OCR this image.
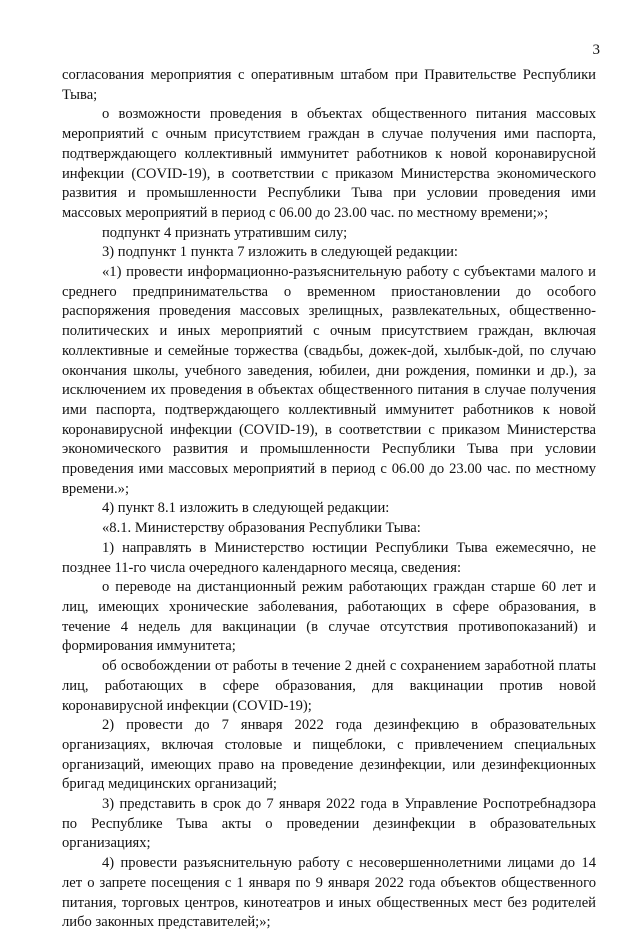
3

согласования мероприятия с оперативным штабом при Правительстве Республики Тыва;

о возможности проведения в объектах общественного питания массовых мероприятий с очным присутствием граждан в случае получения ими паспорта, подтверждающего коллективный иммунитет работников к новой коронавирусной инфекции (COVID-19), в соответствии с приказом Министерства экономического развития и промышленности Республики Тыва при условии проведения ими массовых мероприятий в период с 06.00 до 23.00 час. по местному времени;»;

подпункт 4 признать утратившим силу;

3) подпункт 1 пункта 7 изложить в следующей редакции:

«1) провести информационно-разъяснительную работу с субъектами малого и среднего предпринимательства о временном приостановлении до особого распоряжения проведения массовых зрелищных, развлекательных, общественно-политических и иных мероприятий с очным присутствием граждан, включая коллективные и семейные торжества (свадьбы, дожек-дой, хылбык-дой, по случаю окончания школы, учебного заведения, юбилеи, дни рождения, поминки и др.), за исключением их проведения в объектах общественного питания в случае получения ими паспорта, подтверждающего коллективный иммунитет работников к новой коронавирусной инфекции (COVID-19), в соответствии с приказом Министерства экономического развития и промышленности Республики Тыва при условии проведения ими массовых мероприятий в период с 06.00 до 23.00 час. по местному времени.»;

4) пункт 8.1 изложить в следующей редакции:

«8.1. Министерству образования Республики Тыва:

1) направлять в Министерство юстиции Республики Тыва ежемесячно, не позднее 11-го числа очередного календарного месяца, сведения:

о переводе на дистанционный режим работающих граждан старше 60 лет и лиц, имеющих хронические заболевания, работающих в сфере образования, в течение 4 недель для вакцинации (в случае отсутствия противопоказаний) и формирования иммунитета;

об освобождении от работы в течение 2 дней с сохранением заработной платы лиц, работающих в сфере образования, для вакцинации против новой коронавирусной инфекции (COVID-19);

2) провести до 7 января 2022 года дезинфекцию в образовательных организациях, включая столовые и пищеблоки, с привлечением специальных организаций, имеющих право на проведение дезинфекции, или дезинфекционных бригад медицинских организаций;

3) представить в срок до 7 января 2022 года в Управление Роспотребнадзора по Республике Тыва акты о проведении дезинфекции в образовательных организациях;

4) провести разъяснительную работу с несовершеннолетними лицами до 14 лет о запрете посещения с 1 января по 9 января 2022 года объектов общественного питания, торговых центров, кинотеатров и иных общественных мест без родителей либо законных представителей;»;
